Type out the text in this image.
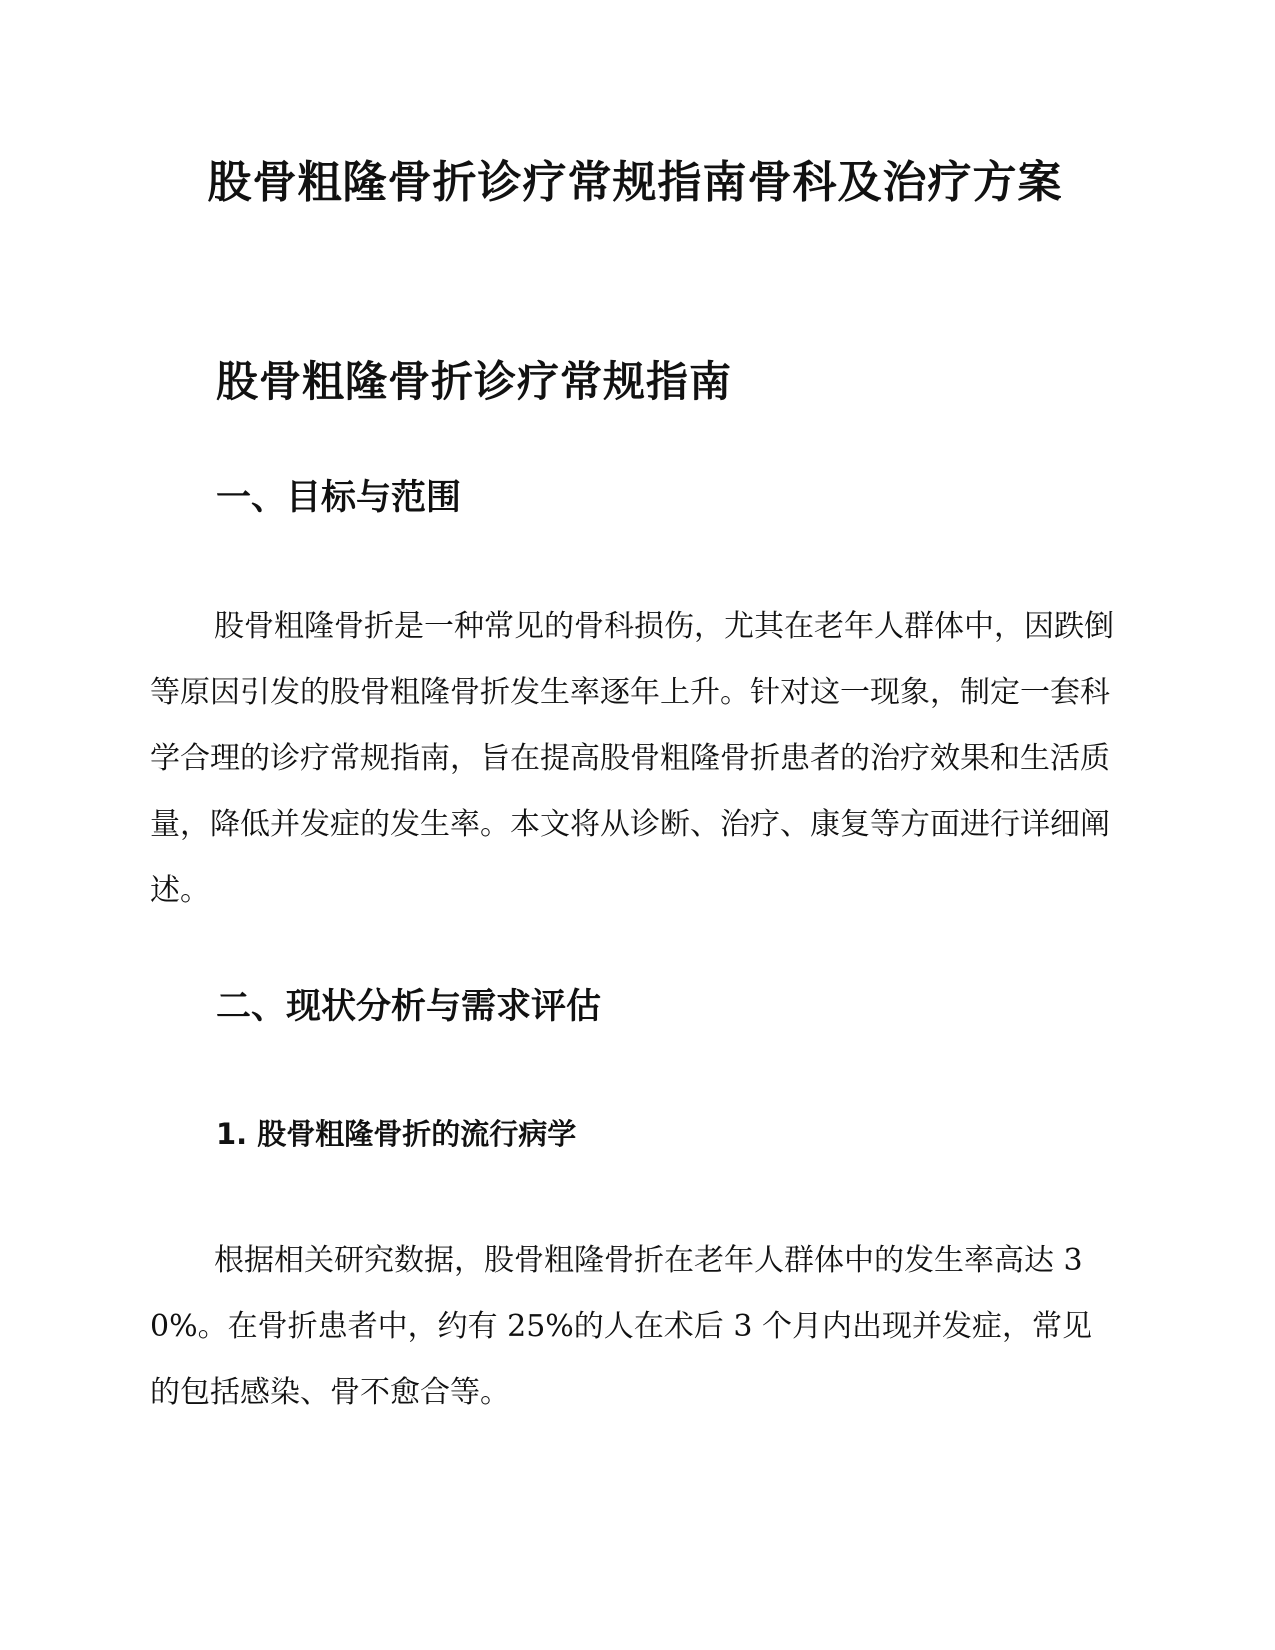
股骨粗隆骨折诊疗常规指南骨科及治疗方案
股骨粗隆骨折诊疗常规指南
一、目标与范围

股骨粗隆骨折是一种常见的骨科损伤，尤其在老年人群体中，因跌倒等原因引发的股骨粗隆骨折发生率逐年上升。针对这一现象，制定一套科学合理的诊疗常规指南，旨在提高股骨粗隆骨折患者的治疗效果和生活质量，降低并发症的发生率。本文将从诊断、治疗、康复等方面进行详细阐述。

二、现状分析与需求评估
1. 股骨粗隆骨折的流行病学

根据相关研究数据，股骨粗隆骨折在老年人群体中的发生率高达 30%。在骨折患者中，约有 25%的人在术后 3 个月内出现并发症，常见的包括感染、骨不愈合等。
